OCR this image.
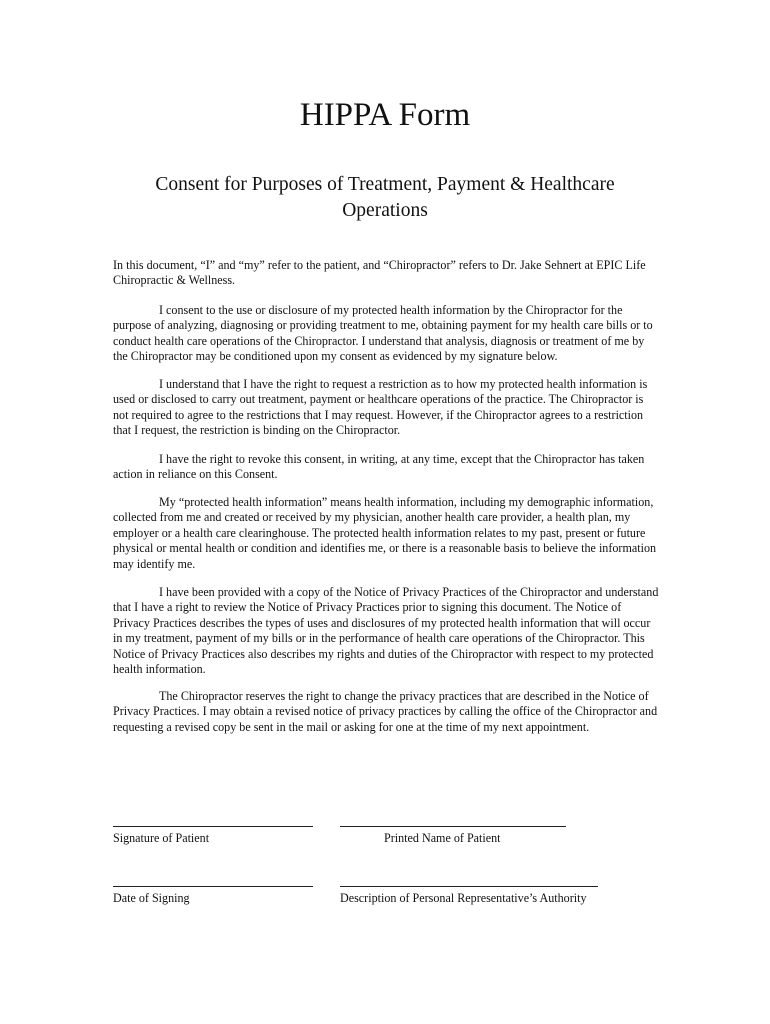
HIPPA Form
Consent for Purposes of Treatment, Payment & Healthcare Operations
In this document, “I” and “my” refer to the patient, and “Chiropractor” refers to Dr. Jake Sehnert at EPIC Life Chiropractic & Wellness.
I consent to the use or disclosure of my protected health information by the Chiropractor for the purpose of analyzing, diagnosing or providing treatment to me, obtaining payment for my health care bills or to conduct health care operations of the Chiropractor. I understand that analysis, diagnosis or treatment of me by the Chiropractor may be conditioned upon my consent as evidenced by my signature below.
I understand that I have the right to request a restriction as to how my protected health information is used or disclosed to carry out treatment, payment or healthcare operations of the practice. The Chiropractor is not required to agree to the restrictions that I may request. However, if the Chiropractor agrees to a restriction that I request, the restriction is binding on the Chiropractor.
I have the right to revoke this consent, in writing, at any time, except that the Chiropractor has taken action in reliance on this Consent.
My “protected health information” means health information, including my demographic information, collected from me and created or received by my physician, another health care provider, a health plan, my employer or a health care clearinghouse. The protected health information relates to my past, present or future physical or mental health or condition and identifies me, or there is a reasonable basis to believe the information may identify me.
I have been provided with a copy of the Notice of Privacy Practices of the Chiropractor and understand that I have a right to review the Notice of Privacy Practices prior to signing this document. The Notice of Privacy Practices describes the types of uses and disclosures of my protected health information that will occur in my treatment, payment of my bills or in the performance of health care operations of the Chiropractor. This Notice of Privacy Practices also describes my rights and duties of the Chiropractor with respect to my protected health information.
The Chiropractor reserves the right to change the privacy practices that are described in the Notice of Privacy Practices. I may obtain a revised notice of privacy practices by calling the office of the Chiropractor and requesting a revised copy be sent in the mail or asking for one at the time of my next appointment.
Signature of Patient	Printed Name of Patient
Date of Signing	Description of Personal Representative’s Authority
